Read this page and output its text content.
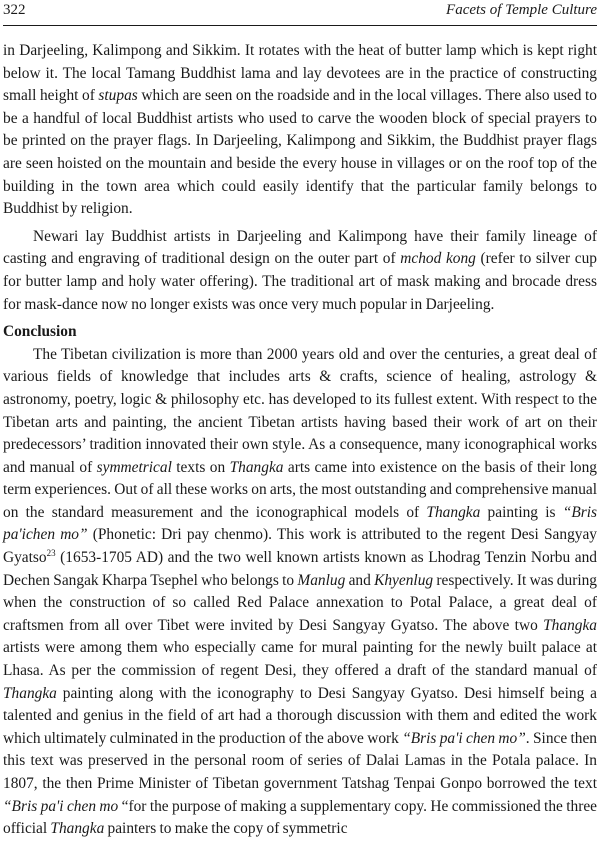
322	Facets of Temple Culture

in Darjeeling, Kalimpong and Sikkim. It rotates with the heat of butter lamp which is kept right below it. The local Tamang Buddhist lama and lay devotees are in the practice of constructing small height of stupas which are seen on the roadside and in the local villages. There also used to be a handful of local Buddhist artists who used to carve the wooden block of special prayers to be printed on the prayer flags. In Darjeeling, Kalimpong and Sikkim, the Buddhist prayer flags are seen hoisted on the mountain and beside the every house in villages or on the roof top of the building in the town area which could easily identify that the particular family belongs to Buddhist by religion.

Newari lay Buddhist artists in Darjeeling and Kalimpong have their family lineage of casting and engraving of traditional design on the outer part of mchod kong (refer to silver cup for butter lamp and holy water offering). The traditional art of mask making and brocade dress for mask-dance now no longer exists was once very much popular in Darjeeling.

Conclusion

The Tibetan civilization is more than 2000 years old and over the centuries, a great deal of various fields of knowledge that includes arts & crafts, science of healing, astrology & astronomy, poetry, logic & philosophy etc. has developed to its fullest extent. With respect to the Tibetan arts and painting, the ancient Tibetan artists having based their work of art on their predecessors’ tradition innovated their own style. As a consequence, many iconographical works and manual of symmetrical texts on Thangka arts came into existence on the basis of their long term experiences. Out of all these works on arts, the most outstanding and comprehensive manual on the standard measurement and the iconographical models of Thangka painting is “Bris pa'ichen mo” (Phonetic: Dri pay chenmo). This work is attributed to the regent Desi Sangyay Gyatso$^{23}$ (1653-1705 AD) and the two well known artists known as Lhodrag Tenzin Norbu and Dechen Sangak Kharpa Tsephel who belongs to Manlug and Khyenlug respectively. It was during when the construction of so called Red Palace annexation to Potal Palace, a great deal of craftsmen from all over Tibet were invited by Desi Sangyay Gyatso. The above two Thangka artists were among them who especially came for mural painting for the newly built palace at Lhasa. As per the commission of regent Desi, they offered a draft of the standard manual of Thangka painting along with the iconography to Desi Sangyay Gyatso. Desi himself being a talented and genius in the field of art had a thorough discussion with them and edited the work which ultimately culminated in the production of the above work “Bris pa'i chen mo”. Since then this text was preserved in the personal room of series of Dalai Lamas in the Potala palace. In 1807, the then Prime Minister of Tibetan government Tatshag Tenpai Gonpo borrowed the text “Bris pa'i chen mo “for the purpose of making a supplementary copy. He commissioned the three official Thangka painters to make the copy of symmetric
